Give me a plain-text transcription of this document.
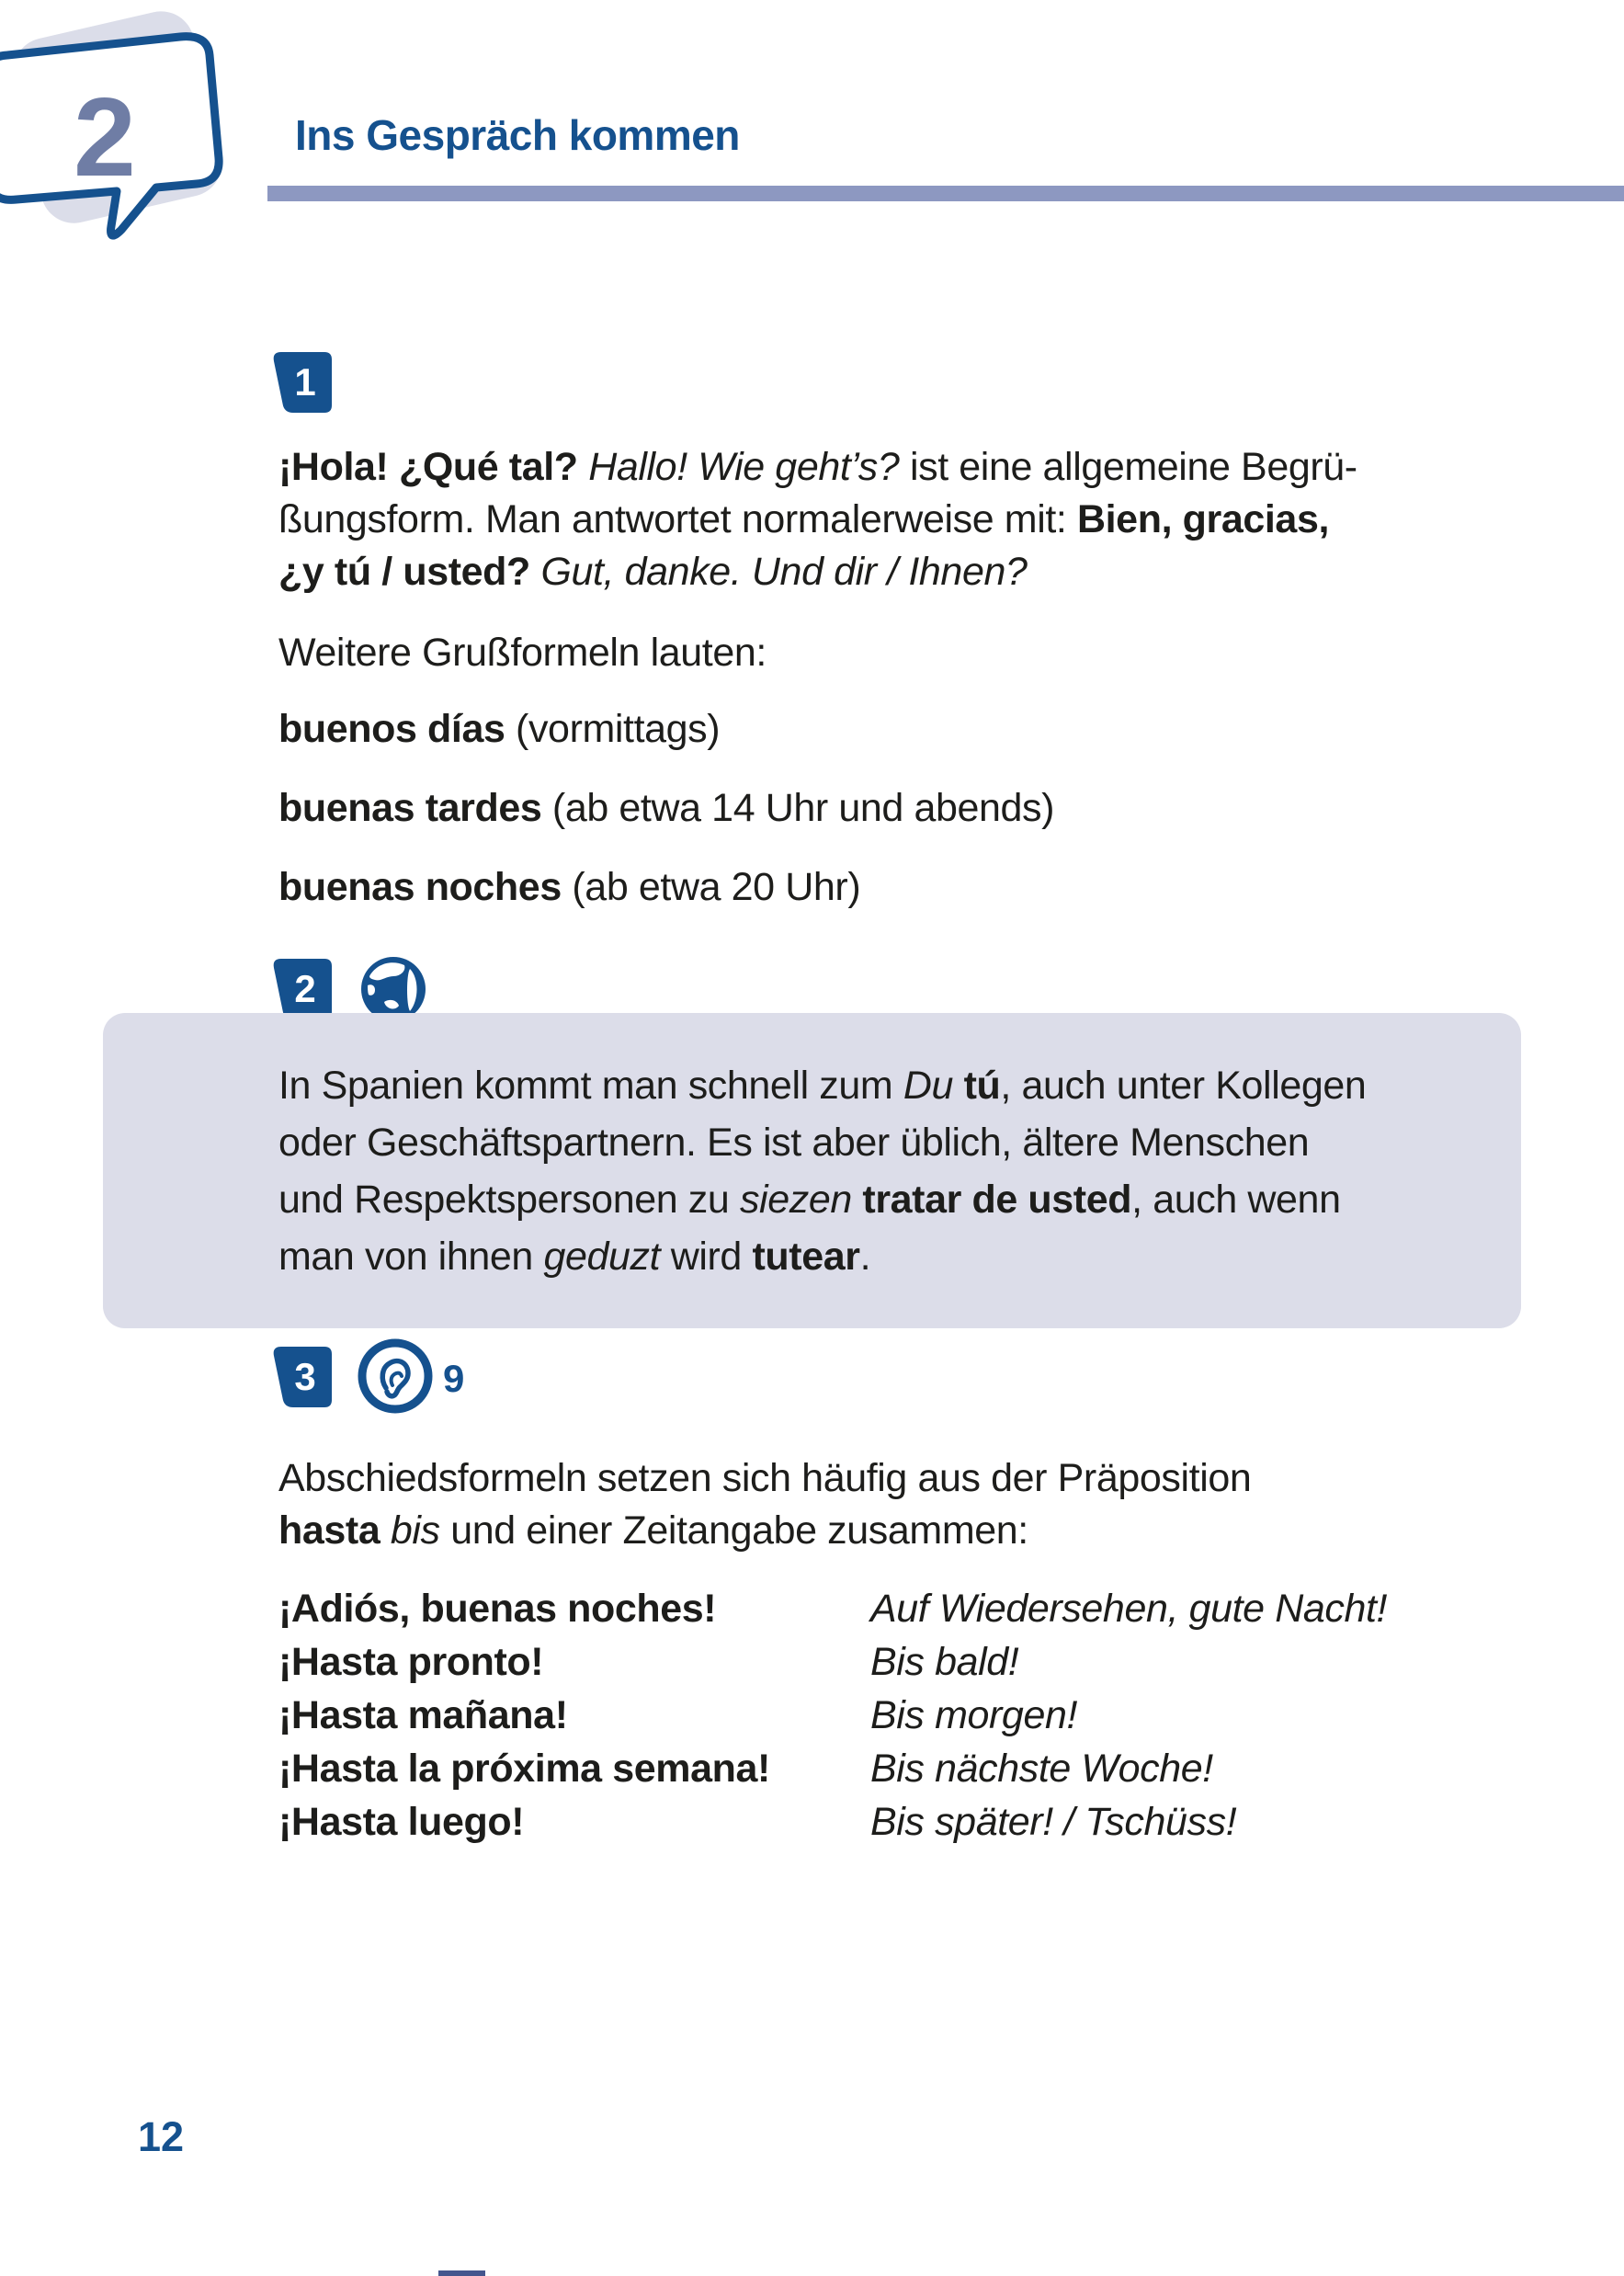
2	Ins Gespräch kommen
1
¡Hola! ¿Qué tal? Hallo! Wie geht’s? ist eine allgemeine Begrü-
ßungsform. Man antwortet normalerweise mit: Bien, gracias,
¿y tú / usted? Gut, danke. Und dir / Ihnen?
Weitere Grußformeln lauten:
buenos días (vormittags)
buenas tardes (ab etwa 14 Uhr und abends)
buenas noches (ab etwa 20 Uhr)
2
In Spanien kommt man schnell zum Du tú, auch unter Kollegen
oder Geschäftspartnern. Es ist aber üblich, ältere Menschen
und Respektspersonen zu siezen tratar de usted, auch wenn
man von ihnen geduzt wird tutear.
3	9
Abschiedsformeln setzen sich häufig aus der Präposition
hasta bis und einer Zeitangabe zusammen:
¡Adiós, buenas noches!	Auf Wiedersehen, gute Nacht!
¡Hasta pronto!	Bis bald!
¡Hasta mañana!	Bis morgen!
¡Hasta la próxima semana!	Bis nächste Woche!
¡Hasta luego!	Bis später! / Tschüss!
12
